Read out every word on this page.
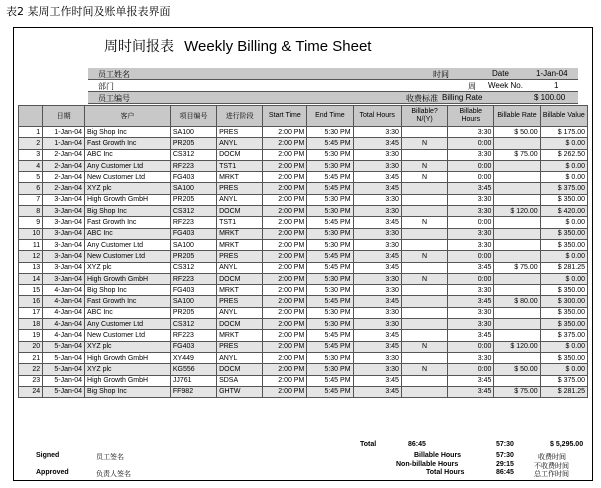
表2 某周工作时间及账单报表界面
周时间报表 Weekly Billing & Time Sheet
员工姓名	时间	Date	1-Jan-04
部门	周 Week No.	1
员工编号	收费标准 Billing Rate	$ 100.00
	日期	客户	项目编号	进行阶段	Start Time	End Time	Total Hours	Billable? N/(Y)	Billable Hours	Billable Rate	Billable Value
1	1-Jan-04	Big Shop Inc	SA100	PRES	2:00 PM	5:30 PM	3:30		3:30	$ 50.00	$ 175.00
2	1-Jan-04	Fast Growth Inc	PR205	ANYL	2:00 PM	5:45 PM	3:45	N	0:00		$ 0.00
3	2-Jan-04	ABC Inc	CS312	DOCM	2:00 PM	5:30 PM	3:30		3:30	$ 75.00	$ 262.50
4	2-Jan-04	Any Customer Ltd	RF223	TST1	2:00 PM	5:30 PM	3:30	N	0:00		$ 0.00
5	2-Jan-04	New Customer Ltd	FG403	MRKT	2:00 PM	5:45 PM	3:45	N	0:00		$ 0.00
6	2-Jan-04	XYZ plc	SA100	PRES	2:00 PM	5:45 PM	3:45		3:45		$ 375.00
7	3-Jan-04	High Growth GmbH	PR205	ANYL	2:00 PM	5:30 PM	3:30		3:30		$ 350.00
8	3-Jan-04	Big Shop Inc	CS312	DOCM	2:00 PM	5:30 PM	3:30		3:30	$ 120.00	$ 420.00
9	3-Jan-04	Fast Growth Inc	RF223	TST1	2:00 PM	5:45 PM	3:45	N	0:00		$ 0.00
10	3-Jan-04	ABC Inc	FG403	MRKT	2:00 PM	5:30 PM	3:30		3:30		$ 350.00
11	3-Jan-04	Any Customer Ltd	SA100	MRKT	2:00 PM	5:30 PM	3:30		3:30		$ 350.00
12	3-Jan-04	New Customer Ltd	PR205	PRES	2:00 PM	5:45 PM	3:45	N	0:00		$ 0.00
13	3-Jan-04	XYZ plc	CS312	ANYL	2:00 PM	5:45 PM	3:45		3:45	$ 75.00	$ 281.25
14	3-Jan-04	High Growth GmbH	RF223	DOCM	2:00 PM	5:30 PM	3:30	N	0:00		$ 0.00
15	4-Jan-04	Big Shop Inc	FG403	MRKT	2:00 PM	5:30 PM	3:30		3:30		$ 350.00
16	4-Jan-04	Fast Growth Inc	SA100	PRES	2:00 PM	5:45 PM	3:45		3:45	$ 80.00	$ 300.00
17	4-Jan-04	ABC Inc	PR205	ANYL	2:00 PM	5:30 PM	3:30		3:30		$ 350.00
18	4-Jan-04	Any Customer Ltd	CS312	DOCM	2:00 PM	5:30 PM	3:30		3:30		$ 350.00
19	4-Jan-04	New Customer Ltd	RF223	MRKT	2:00 PM	5:45 PM	3:45		3:45		$ 375.00
20	5-Jan-04	XYZ plc	FG403	PRES	2:00 PM	5:45 PM	3:45	N	0:00	$ 120.00	$ 0.00
21	5-Jan-04	High Growth GmbH	XY449	ANYL	2:00 PM	5:30 PM	3:30		3:30		$ 350.00
22	5-Jan-04	XYZ plc	KG556	DOCM	2:00 PM	5:30 PM	3:30	N	0:00	$ 50.00	$ 0.00
23	5-Jan-04	High Growth GmbH	JJ761	SDSA	2:00 PM	5:45 PM	3:45		3:45		$ 375.00
24	5-Jan-04	Big Shop Inc	FF982	GHTW	2:00 PM	5:45 PM	3:45		3:45	$ 75.00	$ 281.25
Total	86:45	57:30	$ 5,295.00
Signed	员工签名	Billable Hours	57:30	收费时间
Non-billable Hours	29:15	不收费时间
Approved	负责人签名	Total Hours	86:45	总工作时间
